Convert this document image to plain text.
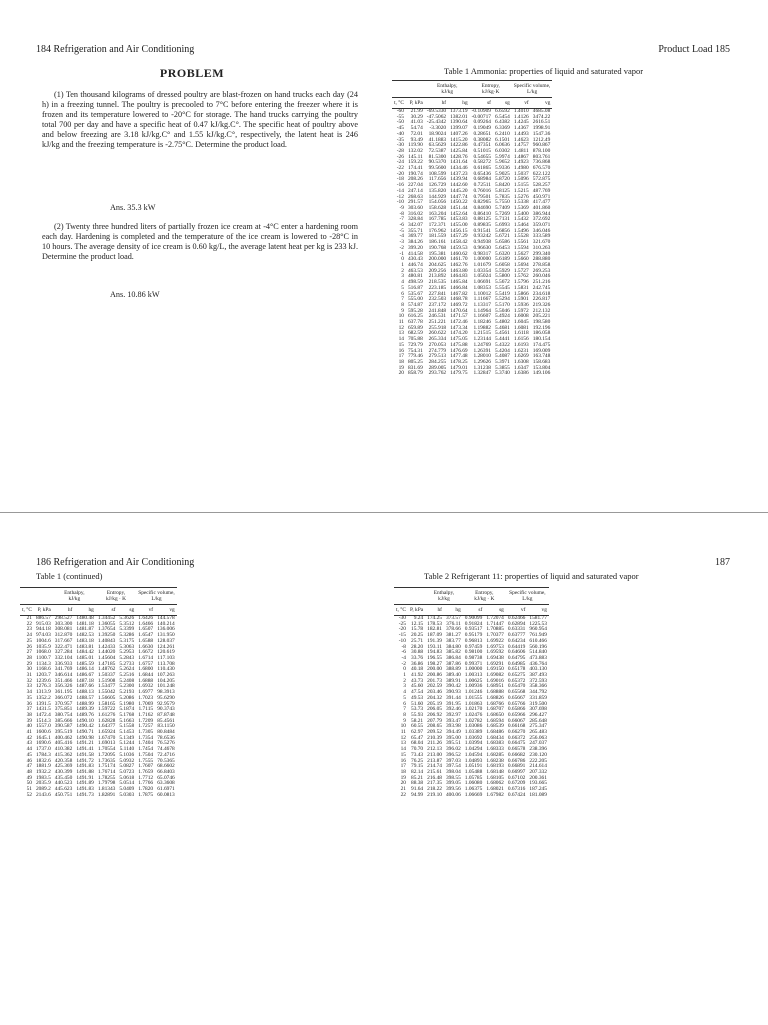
184 Refrigeration and Air Conditioning
PROBLEM
(1) Ten thousand kilograms of dressed poultry are blast-frozen on hand trucks each day (24 h) in a freezing tunnel. The poultry is precooled to 7°C before entering the freezer where it is frozen and its temperature lowered to -20°C for storage. The hand trucks carrying the poultry total 700 per day and have a specific heat of 0.47 kJ/kg.C°. The specific heat of poultry above and below freezing are 3.18 kJ/kg.C° and 1.55 kJ/kg.C°, respectively, the latent heat is 246 kJ/kg and the freezing temperature is -2.75°C. Determine the product load.
Ans. 35.3 kW
(2) Twenty three hundred liters of partially frozen ice cream at -4°C enter a hardening room each day. Hardening is completed and the temperature of the ice cream is lowered to -28°C in 10 hours. The average density of ice cream is 0.60 kg/L, the average latent heat per kg is 233 kJ. Determine the product load.
Ans. 10.86 kW
Product Load 185
Table 1 Ammonia: properties of liquid and saturated vapor
		Enthalpy,
kJ/kg		Entropy,
kJ/kg·K		Specific volume,
L/kg	
t, °C	P, kPa	hf	hg	sf	sg	vf	vg
-60	21.99	-69.5330	1373.19	-0.10909	6.6592	1.4010	4685.08
-55	30.29	-47.5062	1382.01	-0.00717	6.5454	1.4126	3474.22
-50	41.03	-25.4342	1390.64	0.09264	6.4382	1.4245	2616.51
-45	54.74	-3.3020	1399.07	0.19049	6.3369	1.4367	1998.91
-40	72.01	18.9024	1407.26	0.28651	6.2410	1.4493	1547.36
-35	93.49	41.1883	1415.20	0.38082	6.1501	1.4623	1212.49
-30	119.90	63.5629	1422.86	0.47351	6.0636	1.4757	960.867
-28	132.02	72.5387	1425.84	0.51015	6.0302	1.4811	878.100
-26	145.11	81.5300	1428.76	0.54655	5.9974	1.4867	803.761
-24	159.22	90.5370	1431.64	0.58272	5.9652	1.4923	736.868
-22	174.41	99.5600	1434.46	0.61865	5.9336	1.4980	676.570
-20	190.74	108.599	1437.23	0.65436	5.9025	1.5037	622.122
-18	208.26	117.656	1439.94	0.68984	5.8720	1.5096	572.875
-16	227.04	126.729	1442.60	0.72511	5.8420	1.5155	528.257
-14	247.14	135.820	1445.20	0.76016	5.8125	1.5215	487.769
-12	268.63	144.929	1447.74	0.79501	5.7835	1.5276	450.971
-10	291.57	154.056	1450.22	0.82965	5.7550	1.5338	417.477
-9	303.60	158.628	1451.44	0.84690	5.7409	1.5369	401.860
-8	316.02	163.204	1452.64	0.86410	5.7269	1.5400	386.944
-7	328.84	167.785	1453.83	0.88125	5.7131	1.5432	372.692
-6	342.07	172.371	1455.00	0.89835	5.6993	1.5464	359.071
-5	355.71	176.962	1456.15	0.91541	5.6856	1.5496	346.046
-4	369.77	181.559	1457.29	0.93242	5.6721	1.5528	333.589
-3	384.26	186.161	1458.42	0.94938	5.6586	1.5561	321.670
-2	399.20	190.768	1459.53	0.96630	5.6453	1.5594	310.263
-1	414.58	195.381	1460.62	0.98317	5.6320	1.5627	299.340
0	430.43	200.000	1461.70	1.00000	5.6189	1.5660	288.880
1	446.74	204.625	1462.76	1.01679	5.6058	1.5694	278.858
2	463.53	209.256	1463.80	1.03354	5.5929	1.5727	269.253
3	480.81	213.892	1464.83	1.05024	5.5800	1.5762	260.046
4	498.59	218.535	1465.84	1.06691	5.5672	1.5796	251.216
5	516.87	223.185	1466.84	1.08353	5.5545	1.5831	242.745
6	535.67	227.841	1467.82	1.10012	5.5419	1.5866	234.618
7	555.00	232.503	1468.78	1.11667	5.5294	1.5901	226.817
8	574.87	237.172	1469.72	1.13317	5.5170	1.5936	219.326
9	595.28	241.848	1470.64	1.14964	5.5046	1.5972	212.132
10	616.25	246.531	1471.57	1.16607	5.4924	1.6008	205.221
11	637.78	251.221	1472.46	1.18246	5.4802	1.6045	198.580
12	659.89	255.918	1473.34	1.19882	5.4681	1.6081	192.196
13	682.59	260.622	1474.20	1.21515	5.4561	1.6118	186.058
14	705.88	265.334	1475.05	1.23144	5.4441	1.6156	180.154
15	729.79	270.053	1475.88	1.24769	5.4322	1.6193	174.475
16	754.31	274.779	1476.69	1.26391	5.4204	1.6231	169.009
17	779.46	279.513	1477.48	1.28010	5.4087	1.6269	163.748
18	805.25	284.255	1478.25	1.29626	5.3971	1.6308	158.683
19	831.69	289.005	1479.01	1.31238	5.3855	1.6347	153.804
20	858.79	293.762	1479.75	1.32847	5.3740	1.6386	149.106
186 Refrigeration and Air Conditioning
Table 1 (continued)
		Enthalpy,
kJ/kg		Entropy,
kJ/kg · K		Specific volume,
L/kg	
t, °C	P, kPa	hf	hg	sf	sg	vf	vg
21	886.57	298.527	1480.48	1.34452	5.3626	1.6426	144.578
22	915.03	303.300	1481.18	1.36055	5.3512	1.6466	140.214
23	944.18	308.081	1481.87	1.37654	5.3399	1.6507	136.006
24	974.03	312.870	1482.53	1.39250	5.3286	1.6547	131.950
25	1004.6	317.667	1483.18	1.40843	5.3175	1.6588	128.037
26	1035.9	322.471	1483.81	1.42433	5.3063	1.6630	124.261
27	1068.0	327.284	1484.42	1.44020	5.2953	1.6672	120.619
28	1100.7	332.104	1485.01	1.45604	5.2843	1.6714	117.103
29	1134.3	336.933	1485.59	1.47185	5.2733	1.6757	113.708
30	1168.6	341.769	1486.14	1.48762	5.2624	1.6800	110.430
31	1203.7	346.614	1486.67	1.50337	5.2516	1.6844	107.263
32	1239.6	351.466	1487.18	1.51908	5.2408	1.6888	104.205
33	1276.3	356.326	1487.66	1.53477	5.2300	1.6932	101.248
34	1313.9	361.195	1488.13	1.55042	5.2193	1.6977	98.3913
35	1352.2	366.072	1488.57	1.56605	5.2086	1.7023	95.6290
36	1391.5	370.957	1488.99	1.58165	5.1980	1.7069	92.9579
37	1431.5	375.851	1489.39	1.59722	5.1874	1.7115	90.3743
38	1472.4	380.754	1489.76	1.61276	5.1768	1.7162	87.8748
39	1514.3	385.666	1490.10	1.62828	5.1663	1.7209	85.4561
40	1557.0	390.587	1490.42	1.64377	5.1558	1.7257	83.1150
41	1600.6	395.519	1490.71	1.65924	5.1453	1.7305	80.8484
42	1645.1	400.462	1490.98	1.67470	5.1349	1.7354	78.6536
43	1690.6	405.416	1491.21	1.69013	5.1244	1.7404	76.5276
44	1737.0	410.382	1491.41	1.70554	5.1140	1.7454	74.4678
45	1784.3	415.362	1491.58	1.72095	5.1036	1.7504	72.4716
46	1832.6	420.358	1491.72	1.73635	5.0932	1.7555	70.5365
47	1881.9	425.369	1491.83	1.75174	5.0827	1.7607	68.6602
48	1932.2	430.399	1491.88	1.76714	5.0723	1.7659	66.8403
49	1983.5	435.450	1491.91	1.78255	5.0618	1.7712	65.0746
50	2035.9	440.523	1491.89	1.79798	5.0514	1.7766	63.3608
51	2089.2	445.623	1491.83	1.81343	5.0409	1.7820	61.6971
52	2143.6	450.751	1491.73	1.82891	5.0303	1.7875	60.0813
187
Table 2 Refrigerant 11: properties of liquid and saturated vapor
		Enthalpy,
kJ/kg		Entropy,
kJ/kg · K		Specific volume,
L/kg	
t, °C	P, kPa	hf	hg	sf	sg	vf	vg
-30	9.24	174.25	373.57	0.90099	1.72074	0.62466	1581.77
-25	12.15	178.53	376.11	0.91824	1.71447	0.62894	1225.53
-20	15.78	182.81	378.66	0.93517	1.70885	0.63331	960.954
-15	20.25	187.09	381.27	0.95179	1.70377	0.63777	761.949
-10	25.71	191.39	383.77	0.96813	1.69922	0.64234	610.466
-8	28.20	193.11	384.80	0.97459	1.69753	0.64419	560.196
-6	30.88	194.83	385.82	0.98100	1.69592	0.64606	514.840
-4	33.76	196.55	386.84	0.98738	1.69438	0.64795	473.883
-2	36.86	198.27	387.86	0.99371	1.69291	0.64985	436.764
0	40.18	200.00	388.89	1.00000	1.69150	0.65178	403.130
1	41.92	200.86	389.40	1.00313	1.69082	0.65275	387.493
2	43.73	201.73	389.91	1.00625	1.69016	0.65372	372.593
3	45.60	202.59	390.42	1.00936	1.68951	0.65470	358.366
4	47.54	203.46	390.93	1.01246	1.68888	0.65568	344.792
5	49.53	204.32	391.44	1.01555	1.68826	0.65667	331.859
6	51.60	205.19	391.95	1.01863	1.68766	0.65766	319.500
7	53.73	206.05	392.46	1.02170	1.68707	0.65866	307.698
8	55.93	206.92	392.97	1.02476	1.68650	0.65966	296.427
9	58.21	207.79	393.47	1.02782	1.68594	0.66067	285.648
10	60.55	208.65	393.98	1.03086	1.68539	0.66168	275.347
11	62.97	209.52	394.49	1.03389	1.68486	0.66270	265.483
12	65.47	210.39	395.00	1.03692	1.68434	0.66372	256.063
13	68.04	211.26	395.51	1.03994	1.68383	0.66475	247.037
14	70.70	212.13	396.02	1.04294	1.68333	0.66578	238.396
15	73.43	213.00	396.52	1.04594	1.68285	0.66682	230.120
16	76.25	213.87	397.03	1.04893	1.68238	0.66786	222.205
17	79.15	214.74	397.54	1.05191	1.68193	0.66891	214.614
18	82.14	215.61	398.04	1.05488	1.68148	0.66997	207.332
19	85.21	216.48	398.55	1.05785	1.68105	0.67102	200.361
20	88.38	217.35	399.05	1.06080	1.68062	0.67209	193.665
21	91.64	218.22	399.56	1.06375	1.68021	0.67316	187.245
22	94.99	219.10	400.06	1.06669	1.67982	0.67424	181.089
